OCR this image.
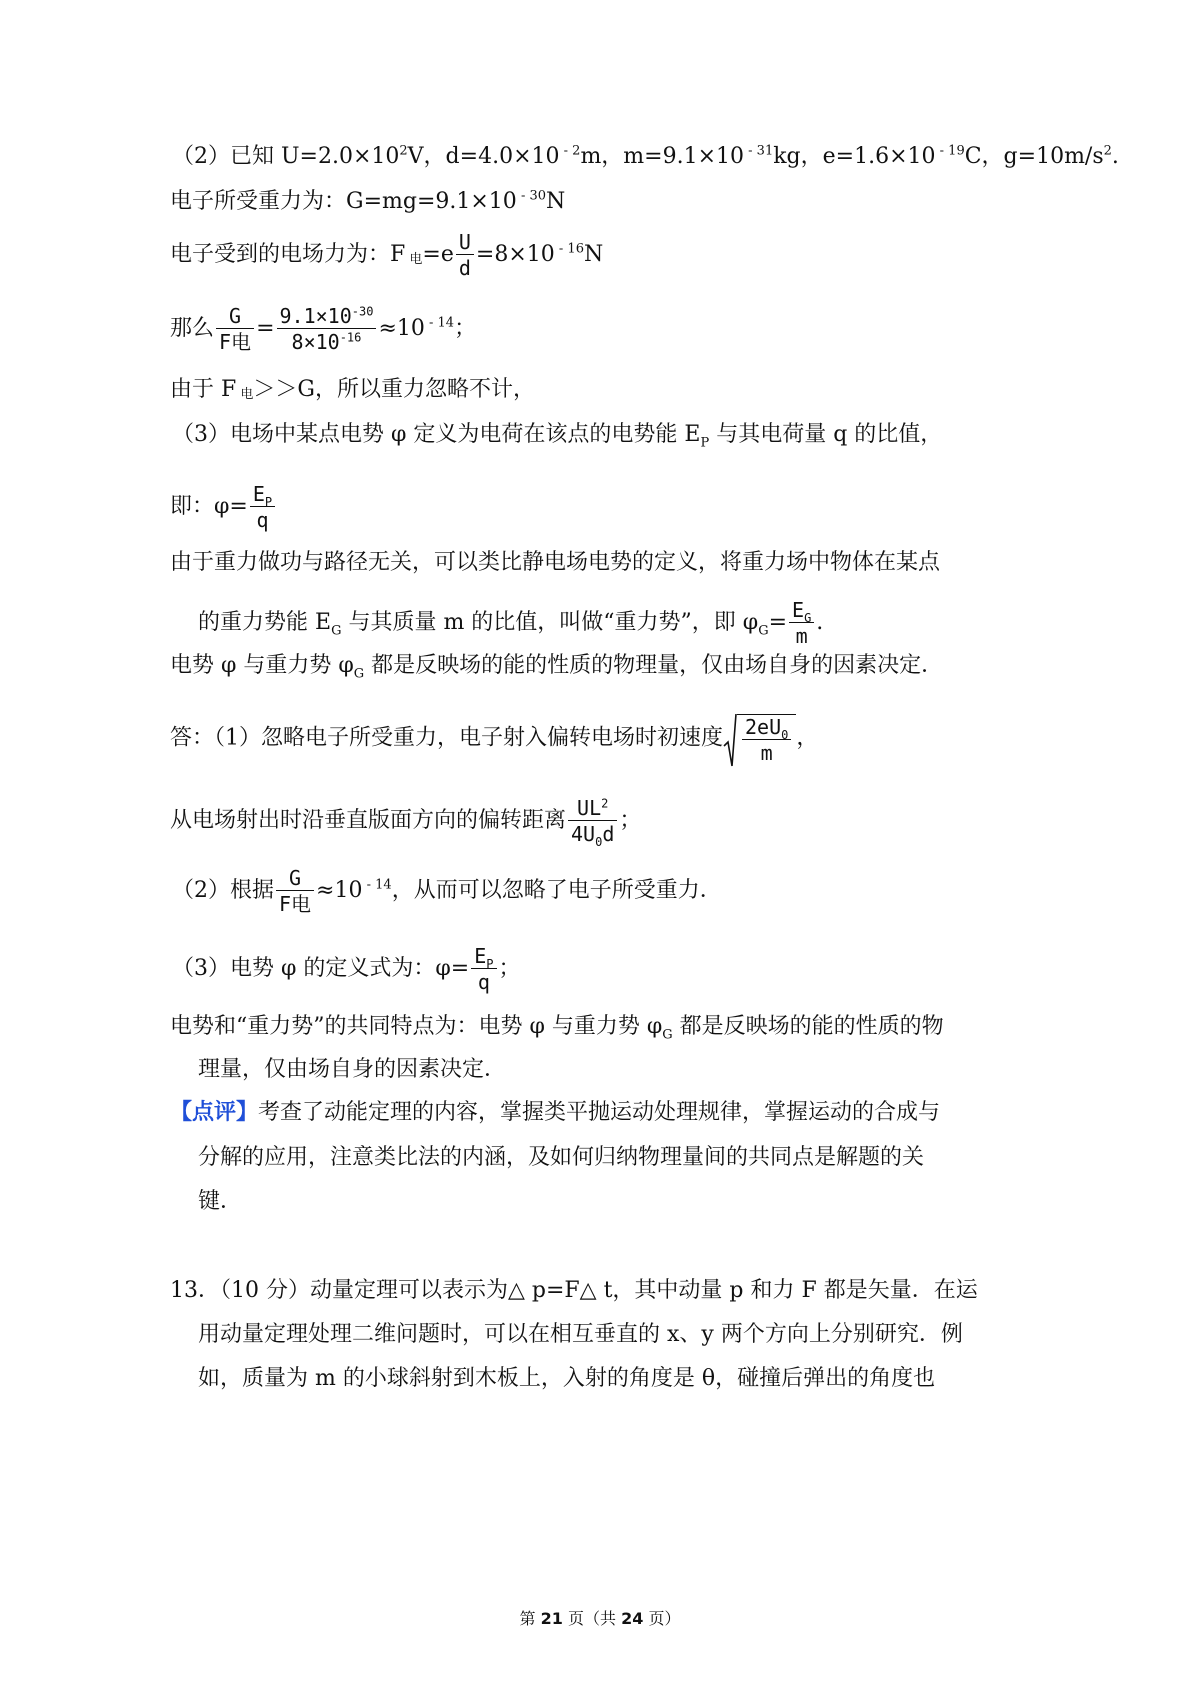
（2）已知 $U=2.0\times 10^2V$，d=4.0×10 $^{- 2}$m，m=9.1×10 $^{- 31}$kg，e=1.6×10 $^{- 19}$C，$g=10m/s^2$.
电子所受重力为：G=mg=9.1×10 $^{- 30}$N
电子受到的电场力为：F 电$=e \frac{U}{d} =8\times 10$ $^{- 16}$N
那么 $\frac{G}{\text{F电}} = \frac{9.1\times 10^{-30}}{8\times 10^{-16}} \approx 10$ $^{- 14}$；
由于 F 电＞＞G，所以重力忽略不计，
（3）电场中某点电势 φ 定义为电荷在该点的电势能 $E_P$ 与其电荷量 q 的比值，
即：$\varphi= \frac{E_P}{q}$
由于重力做功与路径无关，可以类比静电场电势的定义，将重力场中物体在某点
的重力势能 $E_G$ 与其质量 m 的比值，叫做“重力势”，即 $\varphi_G= \frac{E_G}{m}$ .
电势 φ 与重力势 $\varphi_G$ 都是反映场的能的性质的物理量，仅由场自身的因素决定．
答：（1）忽略电子所受重力，电子射入偏转电场时初速度 $\frac{2eU_0}{m}$ ，
从电场射出时沿垂直版面方向的偏转距离 $\frac{UL^2}{4U_0d}$ ；
（2）根据 $\frac{G}{\text{F电}} \approx 10$ $^{- 14}$，从而可以忽略了电子所受重力．
（3）电势 φ 的定义式为：$\varphi= \frac{E_P}{q}$ ；
电势和“重力势”的共同特点为：电势 φ 与重力势 $\varphi_G$ 都是反映场的能的性质的物
理量，仅由场自身的因素决定．
【点评】考查了动能定理的内容，掌握类平抛运动处理规律，掌握运动的合成与
分解的应用，注意类比法的内涵，及如何归纳物理量间的共同点是解题的关
键．
13．（10 分）动量定理可以表示为△ p=F△ t，其中动量 p 和力 F 都是矢量．在运
用动量定理处理二维问题时，可以在相互垂直的 x、y 两个方向上分别研究．例
如，质量为 m 的小球斜射到木板上，入射的角度是 θ，碰撞后弹出的角度也
第 21 页（共 24 页）
